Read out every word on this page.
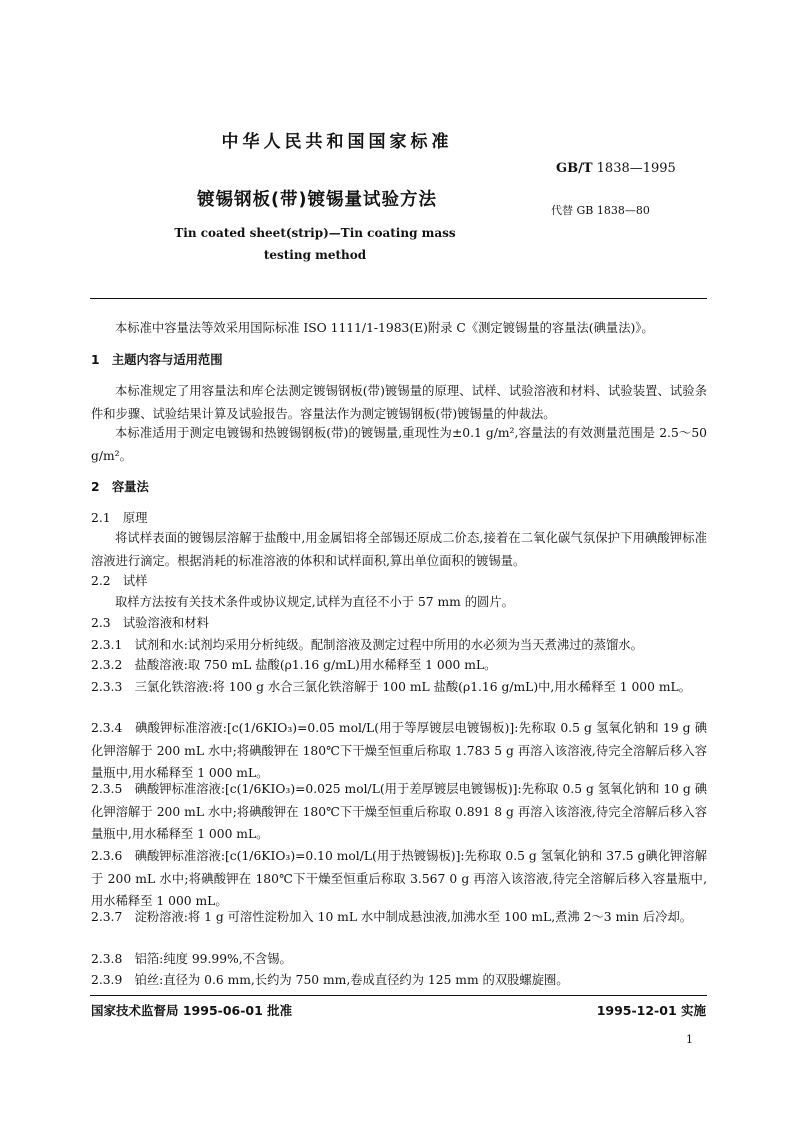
中华人民共和国国家标准
GB/T 1838—1995
镀锡钢板(带)镀锡量试验方法
代替 GB 1838—80
Tin coated sheet(strip)—Tin coating mass
testing method
本标准中容量法等效采用国际标准 ISO 1111/1-1983(E)附录 C《测定镀锡量的容量法(碘量法)》。
1　主题内容与适用范围
本标准规定了用容量法和库仑法测定镀锡钢板(带)镀锡量的原理、试样、试验溶液和材料、试验装置、试验条件和步骤、试验结果计算及试验报告。容量法作为测定镀锡钢板(带)镀锡量的仲裁法。
本标准适用于测定电镀锡和热镀锡钢板(带)的镀锡量,重现性为±0.1 g/m²,容量法的有效测量范围是 2.5～50 g/m²。
2　容量法
2.1　原理
将试样表面的镀锡层溶解于盐酸中,用金属铝将全部锡还原成二价态,接着在二氧化碳气氛保护下用碘酸钾标准溶液进行滴定。根据消耗的标准溶液的体积和试样面积,算出单位面积的镀锡量。
2.2　试样
取样方法按有关技术条件或协议规定,试样为直径不小于 57 mm 的圆片。
2.3　试验溶液和材料
2.3.1　试剂和水:试剂均采用分析纯级。配制溶液及测定过程中所用的水必须为当天煮沸过的蒸馏水。
2.3.2　盐酸溶液:取 750 mL 盐酸(ρ1.16 g/mL)用水稀释至 1 000 mL。
2.3.3　三氯化铁溶液:将 100 g 水合三氯化铁溶解于 100 mL 盐酸(ρ1.16 g/mL)中,用水稀释至 1 000 mL。
2.3.4　碘酸钾标准溶液:[c(1/6KIO₃)=0.05 mol/L(用于等厚镀层电镀锡板)]:先称取 0.5 g 氢氧化钠和 19 g 碘化钾溶解于 200 mL 水中;将碘酸钾在 180℃下干燥至恒重后称取 1.783 5 g 再溶入该溶液,待完全溶解后移入容量瓶中,用水稀释至 1 000 mL。
2.3.5　碘酸钾标准溶液:[c(1/6KIO₃)=0.025 mol/L(用于差厚镀层电镀锡板)]:先称取 0.5 g 氢氧化钠和 10 g 碘化钾溶解于 200 mL 水中;将碘酸钾在 180℃下干燥至恒重后称取 0.891 8 g 再溶入该溶液,待完全溶解后移入容量瓶中,用水稀释至 1 000 mL。
2.3.6　碘酸钾标准溶液:[c(1/6KIO₃)=0.10 mol/L(用于热镀锡板)]:先称取 0.5 g 氢氧化钠和 37.5 g碘化钾溶解于 200 mL 水中;将碘酸钾在 180℃下干燥至恒重后称取 3.567 0 g 再溶入该溶液,待完全溶解后移入容量瓶中,用水稀释至 1 000 mL。
2.3.7　淀粉溶液:将 1 g 可溶性淀粉加入 10 mL 水中制成悬浊液,加沸水至 100 mL,煮沸 2～3 min 后冷却。
2.3.8　铝箔:纯度 99.99%,不含锡。
2.3.9　铂丝:直径为 0.6 mm,长约为 750 mm,卷成直径约为 125 mm 的双股螺旋圈。
国家技术监督局 1995-06-01 批准	1995-12-01 实施
1
